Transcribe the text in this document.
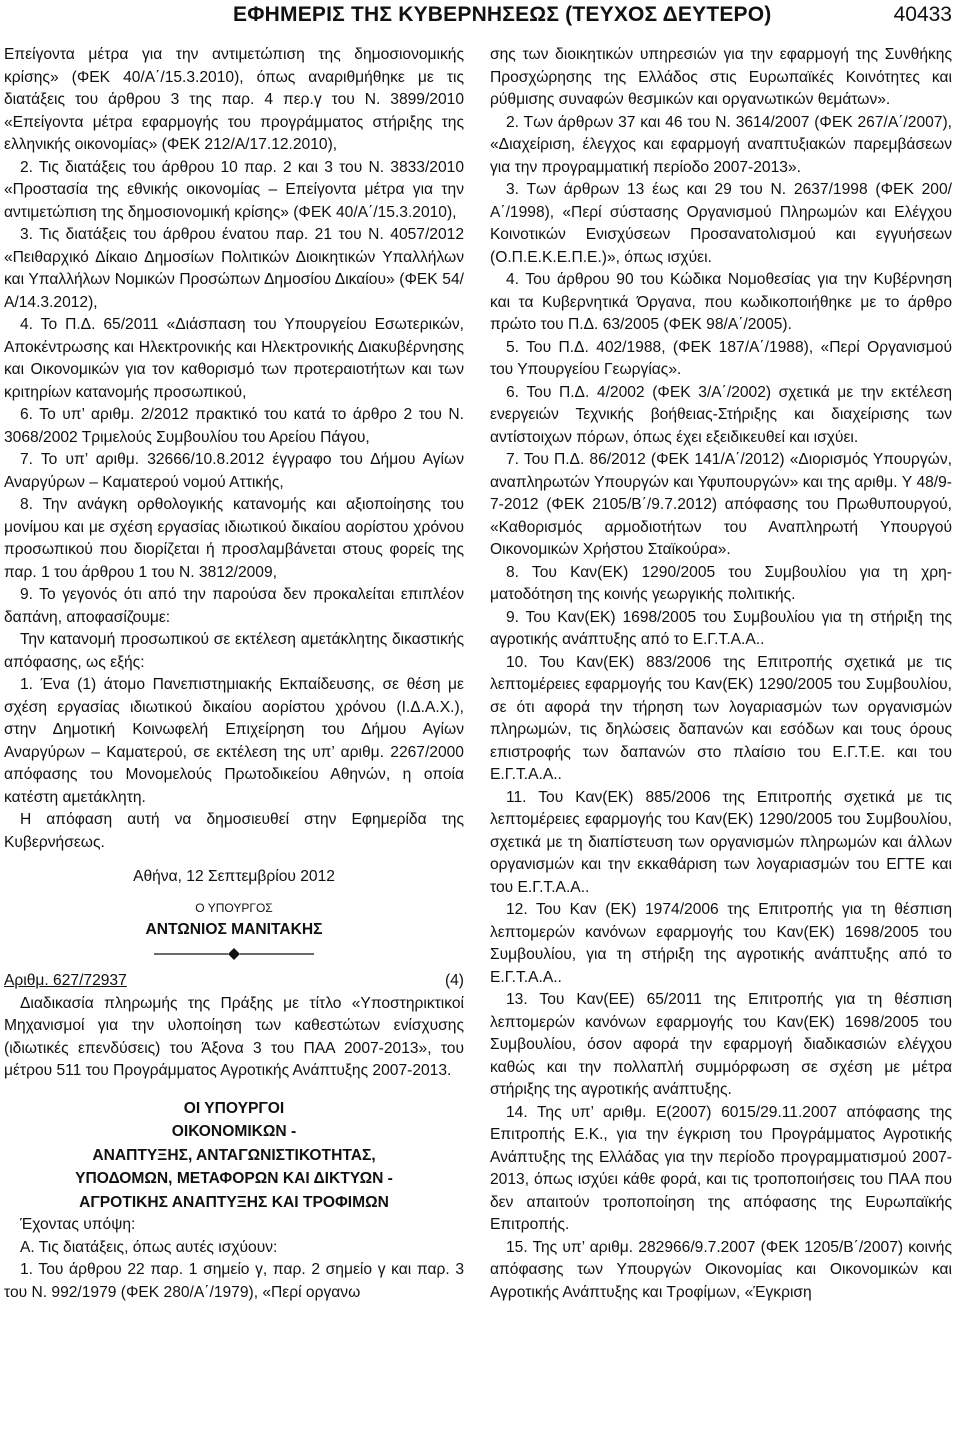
ΕΦΗΜΕΡΙΣ ΤΗΣ ΚΥΒΕΡΝΗΣΕΩΣ (ΤΕΥΧΟΣ ΔΕΥΤΕΡΟ)	40433

Επείγοντα μέτρα για την αντιμετώπιση της δημοσιονομικής κρίσης» (ΦΕΚ 40/Α΄/15.3.2010), όπως αναριθμήθηκε με τις διατάξεις του άρθρου 3 της παρ. 4 περ.γ του Ν. 3899/2010 «Επείγοντα μέτρα εφαρμογής του προγράμματος στήριξης της ελληνικής οικονομίας» (ΦΕΚ 212/Α/17.12.2010),

2. Τις διατάξεις του άρθρου 10 παρ. 2 και 3 του Ν. 3833/2010 «Προστασία της εθνικής οικονομίας – Επείγοντα μέτρα για την αντιμετώπιση της δημοσιονομική κρίσης» (ΦΕΚ 40/Α΄/15.3.2010),

3. Τις διατάξεις του άρθρου ένατου παρ. 21 του Ν. 4057/2012 «Πειθαρχικό Δίκαιο Δημοσίων Πολιτικών Διοικητικών Υπαλλήλων και Υπαλλήλων Νομικών Προσώπων Δημοσίου Δικαίου» (ΦΕΚ 54/Α/14.3.2012),

4. Το Π.Δ. 65/2011 «Διάσπαση του Υπουργείου Εσωτερικών, Αποκέντρωσης και Ηλεκτρονικής και Ηλεκτρονικής Διακυβέρνησης και Οικονομικών για τον καθορισμό των προτεραιοτήτων και των κριτηρίων κατανομής προσωπικού,

6. Το υπ’ αριθμ. 2/2012 πρακτικό του κατά το άρθρο 2 του Ν. 3068/2002 Τριμελούς Συμβουλίου του Αρείου Πάγου,

7. Το υπ’ αριθμ. 32666/10.8.2012 έγγραφο του Δήμου Αγίων Αναργύρων – Καματερού νομού Αττικής,

8. Την ανάγκη ορθολογικής κατανομής και αξιοποίησης του μονίμου και με σχέση εργασίας ιδιωτικού δικαίου αορίστου χρόνου προσωπικού που διορίζεται ή προσλαμβάνεται στους φορείς της παρ. 1 του άρθρου 1 του Ν. 3812/2009,

9. Το γεγονός ότι από την παρούσα δεν προκαλείται επιπλέον δαπάνη, αποφασίζουμε:

Την κατανομή προσωπικού σε εκτέλεση αμετάκλητης δικαστικής απόφασης, ως εξής:

1. Ένα (1) άτομο Πανεπιστημιακής Εκπαίδευσης, σε θέση με σχέση εργασίας ιδιωτικού δικαίου αορίστου χρόνου (Ι.Δ.Α.Χ.), στην Δημοτική Κοινωφελή Επιχείρηση του Δήμου Αγίων Αναργύρων – Καματερού, σε εκτέλεση της υπ’ αριθμ. 2267/2000 απόφασης του Μονομελούς Πρωτοδικείου Αθηνών, η οποία κατέστη αμετάκλητη.

Η απόφαση αυτή να δημοσιευθεί στην Εφημερίδα της Κυβερνήσεως.

Αθήνα, 12 Σεπτεμβρίου 2012

Ο ΥΠΟΥΡΓΟΣ

ΑΝΤΩΝΙΟΣ ΜΑΝΙΤΑΚΗΣ

Αριθμ. 627/72937	(4)

Διαδικασία πληρωμής της Πράξης με τίτλο «Υποστηρικτικοί Μηχανισμοί για την υλοποίηση των καθεστώτων ενίσχυσης (ιδιωτικές επενδύσεις) του Άξονα 3 του ΠΑΑ 2007-2013», του μέτρου 511 του Προγράμματος Αγροτικής Ανάπτυξης 2007-2013.

ΟΙ ΥΠΟΥΡΓΟΙ
ΟΙΚΟΝΟΜΙΚΩΝ -
ΑΝΑΠΤΥΞΗΣ, ΑΝΤΑΓΩΝΙΣΤΙΚΟΤΗΤΑΣ,
ΥΠΟΔΟΜΩΝ, ΜΕΤΑΦΟΡΩΝ ΚΑΙ ΔΙΚΤΥΩΝ -
ΑΓΡΟΤΙΚΗΣ ΑΝΑΠΤΥΞΗΣ ΚΑΙ ΤΡΟΦΙΜΩΝ

Έχοντας υπόψη:

Α. Τις διατάξεις, όπως αυτές ισχύουν:

1. Του άρθρου 22 παρ. 1 σημείο γ, παρ. 2 σημείο γ και παρ. 3 του Ν. 992/1979 (ΦΕΚ 280/Α΄/1979), «Περί οργανω

σης των διοικητικών υπηρεσιών για την εφαρμογή της Συνθήκης Προσχώρησης της Ελλάδος στις Ευρωπαϊκές Κοινότητες και ρύθμισης συναφών θεσμικών και οργανωτικών θεμάτων».

2. Των άρθρων 37 και 46 του Ν. 3614/2007 (ΦΕΚ 267/Α΄/2007), «Διαχείριση, έλεγχος και εφαρμογή αναπτυξιακών παρεμβάσεων για την προγραμματική περίοδο 2007-2013».

3. Των άρθρων 13 έως και 29 του Ν. 2637/1998 (ΦΕΚ 200/Α΄/1998), «Περί σύστασης Οργανισμού Πληρωμών και Ελέγχου Κοινοτικών Ενισχύσεων Προσανατολισμού και εγγυήσεων (Ο.Π.Ε.Κ.Ε.Π.Ε.)», όπως ισχύει.

4. Του άρθρου 90 του Κώδικα Νομοθεσίας για την Κυβέρνηση και τα Κυβερνητικά Όργανα, που κωδικοποιήθηκε με το άρθρο πρώτο του Π.Δ. 63/2005 (ΦΕΚ 98/Α΄/2005).

5. Του Π.Δ. 402/1988, (ΦΕΚ 187/Α΄/1988), «Περί Οργανισμού του Υπουργείου Γεωργίας».

6. Του Π.Δ. 4/2002 (ΦΕΚ 3/Α΄/2002) σχετικά με την εκτέλεση ενεργειών Τεχνικής βοήθειας-Στήριξης και διαχείρισης των αντίστοιχων πόρων, όπως έχει εξειδικευθεί και ισχύει.

7. Του Π.Δ. 86/2012 (ΦΕΚ 141/Α΄/2012) «Διορισμός Υπουργών, αναπληρωτών Υπουργών και Υφυπουργών» και της αριθμ. Υ 48/9-7-2012 (ΦΕΚ 2105/Β΄/9.7.2012) απόφασης του Πρωθυπουργού, «Καθορισμός αρμοδιοτήτων του Αναπληρωτή Υπουργού Οικονομικών Χρήστου Σταϊκούρα».

8. Του Καν(ΕΚ) 1290/2005 του Συμβουλίου για τη χρηματοδότηση της κοινής γεωργικής πολιτικής.

9. Του Καν(ΕΚ) 1698/2005 του Συμβουλίου για τη στήριξη της αγροτικής ανάπτυξης από το Ε.Γ.Τ.Α.Α..

10. Του Καν(ΕΚ) 883/2006 της Επιτροπής σχετικά με τις λεπτομέρειες εφαρμογής του Καν(ΕΚ) 1290/2005 του Συμβουλίου, σε ότι αφορά την τήρηση των λογαριασμών των οργανισμών πληρωμών, τις δηλώσεις δαπανών και εσόδων και τους όρους επιστροφής των δαπανών στο πλαίσιο του Ε.Γ.Τ.Ε. και του Ε.Γ.Τ.Α.Α..

11. Του Καν(ΕΚ) 885/2006 της Επιτροπής σχετικά με τις λεπτομέρειες εφαρμογής του Καν(ΕΚ) 1290/2005 του Συμβουλίου, σχετικά με τη διαπίστευση των οργανισμών πληρωμών και άλλων οργανισμών και την εκκαθάριση των λογαριασμών του ΕΓΤΕ και του Ε.Γ.Τ.Α.Α..

12. Του Καν (ΕΚ) 1974/2006 της Επιτροπής για τη θέσπιση λεπτομερών κανόνων εφαρμογής του Καν(ΕΚ) 1698/2005 του Συμβουλίου, για τη στήριξη της αγροτικής ανάπτυξης από το Ε.Γ.Τ.Α.Α..

13. Του Καν(ΕΕ) 65/2011 της Επιτροπής για τη θέσπιση λεπτομερών κανόνων εφαρμογής του Καν(ΕΚ) 1698/2005 του Συμβουλίου, όσον αφορά την εφαρμογή διαδικασιών ελέγχου καθώς και την πολλαπλή συμμόρφωση σε σχέση με μέτρα στήριξης της αγροτικής ανάπτυξης.

14. Της υπ’ αριθμ. Ε(2007) 6015/29.11.2007 απόφασης της Επιτροπής Ε.Κ., για την έγκριση του Προγράμματος Αγροτικής Ανάπτυξης της Ελλάδας για την περίοδο προγραμματισμού 2007-2013, όπως ισχύει κάθε φορά, και τις τροποποιήσεις του ΠΑΑ που δεν απαιτούν τροποποίηση της απόφασης της Ευρωπαϊκής Επιτροπής.

15. Της υπ’ αριθμ. 282966/9.7.2007 (ΦΕΚ 1205/Β΄/2007) κοινής απόφασης των Υπουργών Οικονομίας και Οικονομικών και Αγροτικής Ανάπτυξης και Τροφίμων, «Έγκριση
